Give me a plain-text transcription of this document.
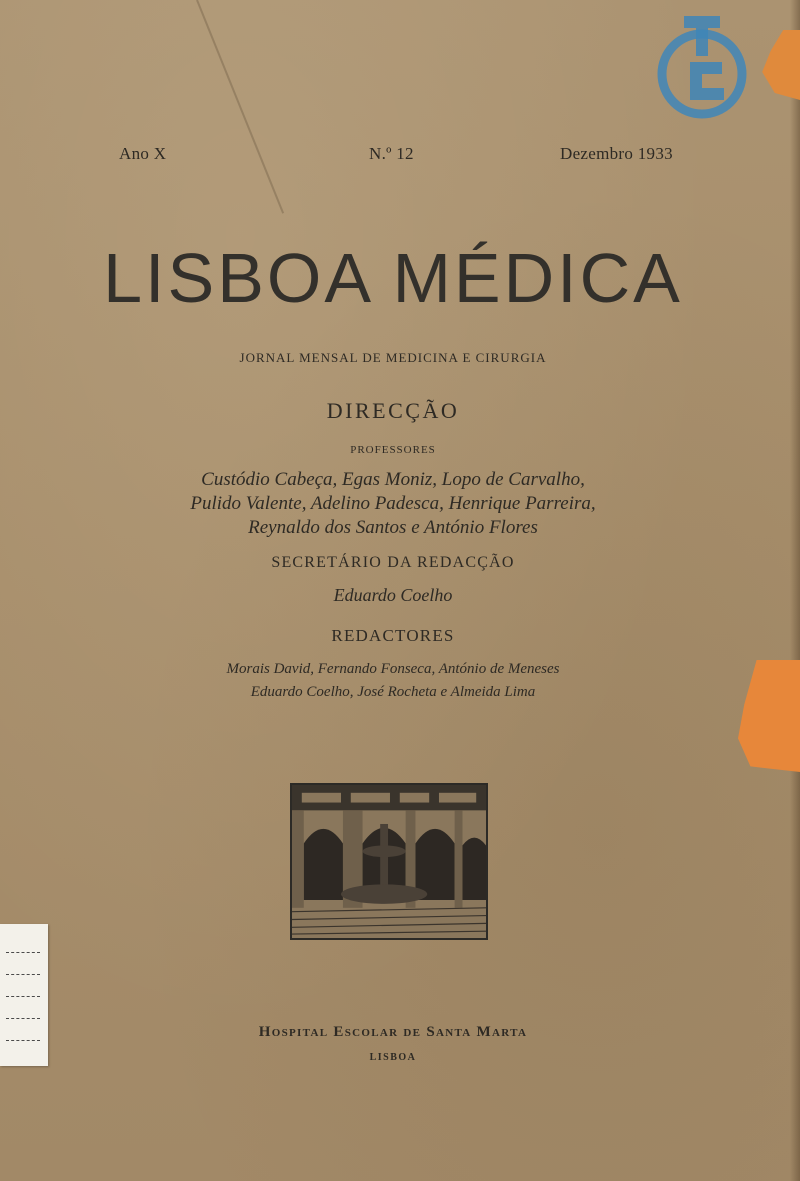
Ano X	N.º 12	Dezembro 1933
LISBOA MÉDICA
JORNAL MENSAL DE MEDICINA E CIRURGIA
DIRECÇÃO
PROFESSORES
Custódio Cabeça, Egas Moniz, Lopo de Carvalho,
Pulido Valente, Adelino Padesca, Henrique Parreira,
Reynaldo dos Santos e António Flores
SECRETÁRIO DA REDACÇÃO
Eduardo Coelho
REDACTORES
Morais David, Fernando Fonseca, António de Meneses
Eduardo Coelho, José Rocheta e Almeida Lima
Hospital Escolar de Santa Marta
LISBOA
